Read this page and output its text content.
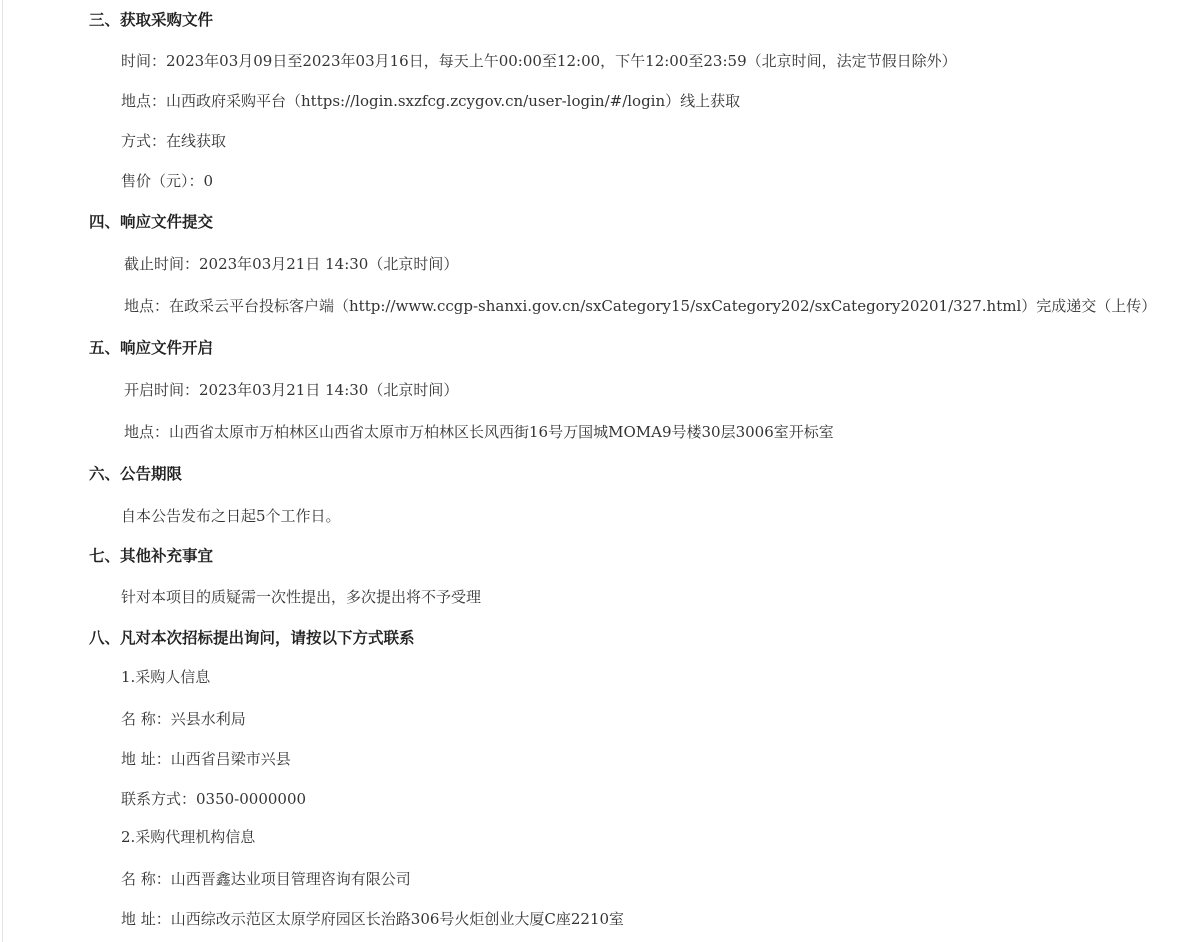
三、获取采购文件
时间：2023年03月09日至2023年03月16日，每天上午00:00至12:00，下午12:00至23:59（北京时间，法定节假日除外）
地点：山西政府采购平台（https://login.sxzfcg.zcygov.cn/user-login/#/login）线上获取
方式：在线获取
售价（元）：0
四、响应文件提交
截止时间：2023年03月21日 14:30（北京时间）
地点：在政采云平台投标客户端（http://www.ccgp-shanxi.gov.cn/sxCategory15/sxCategory202/sxCategory20201/327.html）完成递交（上传）
五、响应文件开启
开启时间：2023年03月21日 14:30（北京时间）
地点：山西省太原市万柏林区山西省太原市万柏林区长风西街16号万国城MOMA9号楼30层3006室开标室
六、公告期限
自本公告发布之日起5个工作日。
七、其他补充事宜
针对本项目的质疑需一次性提出，多次提出将不予受理
八、凡对本次招标提出询问，请按以下方式联系
1.采购人信息
名 称：兴县水利局
地 址：山西省吕梁市兴县
联系方式：0350-0000000
2.采购代理机构信息
名 称：山西晋鑫达业项目管理咨询有限公司
地 址：山西综改示范区太原学府园区长治路306号火炬创业大厦C座2210室
